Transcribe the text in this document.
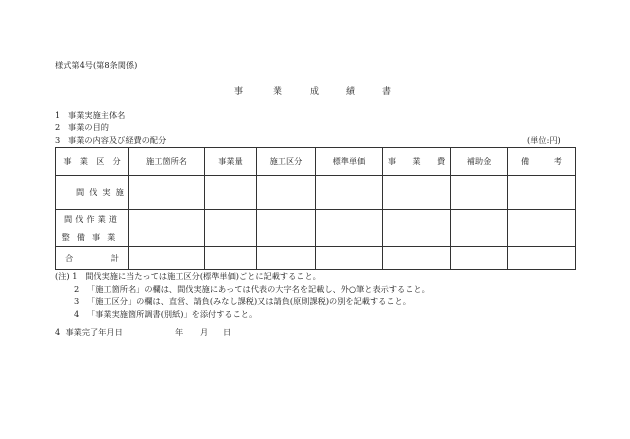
様式第4号(第8条関係)
事	業	成	績	書
1 事業実施主体名
2 事業の目的
3 事業の内容及び経費の配分	(単位:円)
事　業　区　分	施工箇所名	事業量	施工区分	標準単価	事　　業　　費	補助金	備　　　考

間伐実施							

間伐作業道
整備事業							

合 計							

(注) 1 間伐実施に当たっては施工区分(標準単価)ごとに記載すること。
2 「施工箇所名」の欄は、間伐実施にあっては代表の大字名を記載し、外○筆と表示すること。
3 「施工区分」の欄は、直営、請負(みなし課税)又は請負(原則課税)の別を記載すること。
4 「事業実施箇所調書(別紙)」を添付すること。
4 事業完了年月日	年 月 日
